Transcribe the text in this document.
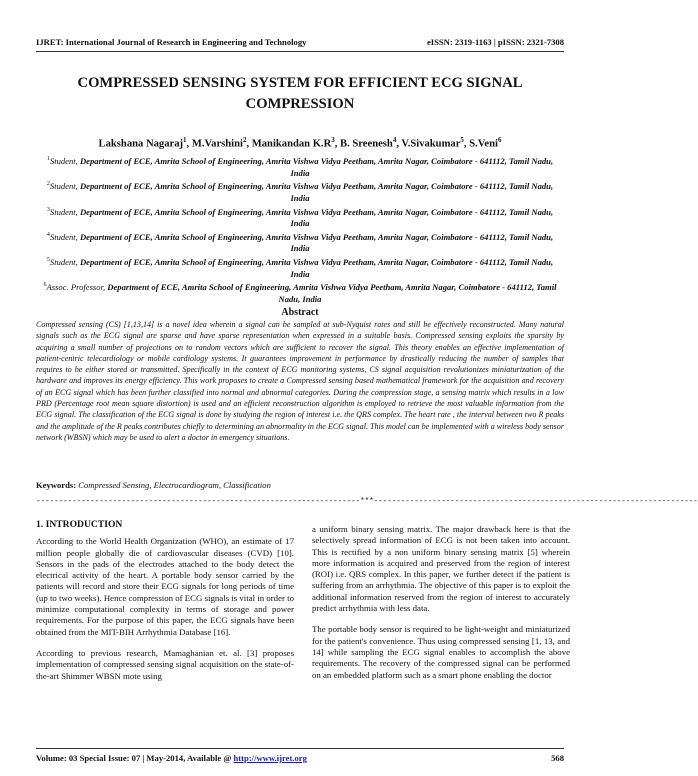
IJRET: International Journal of Research in Engineering and Technology	eISSN: 2319-1163 | pISSN: 2321-7308
COMPRESSED SENSING SYSTEM FOR EFFICIENT ECG SIGNAL COMPRESSION
Lakshana Nagaraj$^1$, M.Varshini$^2$, Manikandan $K.R^3$, B. Sreenesh$^4$, V.Sivakumar$^5$, S.Veni$^6$

$^1$Student, Department of ECE, Amrita School of Engineering, Amrita Vishwa Vidya Peetham, Amrita Nagar, Coimbatore - 641112, Tamil Nadu, India

$^2$Student, Department of ECE, Amrita School of Engineering, Amrita Vishwa Vidya Peetham, Amrita Nagar, Coimbatore - 641112, Tamil Nadu, India

$^3$Student, Department of ECE, Amrita School of Engineering, Amrita Vishwa Vidya Peetham, Amrita Nagar, Coimbatore - 641112, Tamil Nadu, India

$^4$Student, Department of ECE, Amrita School of Engineering, Amrita Vishwa Vidya Peetham, Amrita Nagar, Coimbatore - 641112, Tamil Nadu, India

$^5$Student, Department of ECE, Amrita School of Engineering, Amrita Vishwa Vidya Peetham, Amrita Nagar, Coimbatore - 641112, Tamil Nadu, India

$^6$Assoc. Professor, Department of ECE, Amrita School of Engineering, Amrita Vishwa Vidya Peetham, Amrita Nagar, Coimbatore - 641112, Tamil Nadu, India

Abstract
Compressed sensing (CS) [1,13,14] is a novel idea wherein a signal can be sampled at sub-Nyquist rates and still be effectively reconstructed. Many natural signals such as the ECG signal are sparse and have sparse representation when expressed in a suitable basis. Compressed sensing exploits the sparsity by acquiring a small number of projections on to random vectors which are sufficient to recover the signal. This theory enables an effective implementation of patient-centric telecardiology or mobile cardiology systems. It guarantees improvement in performance by drastically reducing the number of samples that requires to be either stored or transmitted. Specifically in the context of ECG monitoring systems, CS signal acquisition revolutionizes miniaturization of the hardware and improves its energy efficiency. This work proposes to create a Compressed sensing based mathematical framework for the acquisition and recovery of an ECG signal which has been further classified into normal and abnormal categories. During the compression stage, a sensing matrix which results in a low PRD (Percentage root mean square distortion) is used and an efficient reconstruction algorithm is employed to retrieve the most valuable information from the ECG signal. The classification of the ECG signal is done by studying the region of interest i.e. the QRS complex. The heart rate , the interval between two R peaks and the amplitude of the R peaks contributes chiefly to determining an abnormality in the ECG signal. This model can be implemented with a wireless body sensor network (WBSN) which may be used to alert a doctor in emergency situations.
Keywords: Compressed Sensing, Electrocardiogram, Classification
------------------------------------------------------------------------***------------------------------------------------------------------------
1. INTRODUCTION

According to the World Health Organization (WHO), an estimate of 17 million people globally die of cardiovascular diseases (CVD) [10]. Sensors in the pads of the electrodes attached to the body detect the electrical activity of the heart. A portable body sensor carried by the patients will record and store their ECG signals for long periods of time (up to two weeks). Hence compression of ECG signals is vital in order to minimize computational complexity in terms of storage and power requirements. For the purpose of this paper, the ECG signals have been obtained from the MIT-BIH Arrhythmia Database [16].

According to previous research, Mamaghanian et. al. [3] proposes implementation of compressed sensing signal acquisition on the state-of-the-art Shimmer WBSN mote using

a uniform binary sensing matrix. The major drawback here is that the selectively spread information of ECG is not been taken into account. This is rectified by a non uniform binary sensing matrix [5] wherein more information is acquired and preserved from the region of interest (ROI) i.e. QRS complex. In this paper, we further detect if the patient is suffering from an arrhythmia. The objective of this paper is to exploit the additional information reserved from the region of interest to accurately predict arrhythmia with less data.

The portable body sensor is required to be light-weight and miniaturized for the patient's convenience. Thus using compressed sensing [1, 13, and 14] while sampling the ECG signal enables to accomplish the above requirements. The recovery of the compressed signal can be performed on an embedded platform such as a smart phone enabling the doctor

Volume: 03 Special Issue: 07 | May-2014, Available @ http://www.ijret.org	568
